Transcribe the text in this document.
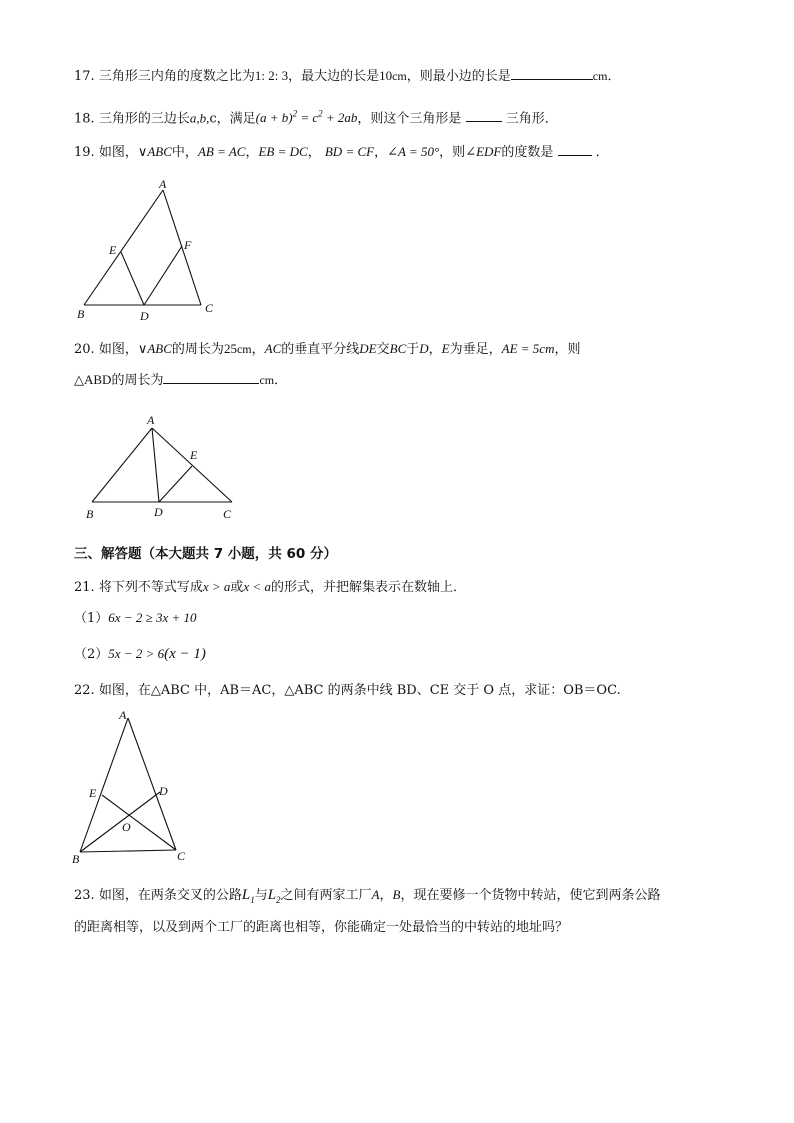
17. 三角形三内角的度数之比为1: 2: 3，最大边的长是10cm，则最小边的长是	cm．
18. 三角形的三边长a,b,c，满足$(a + b)^2 = c^2 + 2ab$，则这个三角形是	三角形．
19. 如图，∨ABC中，AB = AC，EB = DC， BD = CF，∠A = 50°，则∠EDF的度数是	．
A
B	C
D
E	F
20. 如图，∨ABC的周长为25cm，AC的垂直平分线DE交BC于D，E为垂足，AE = 5cm，则
△ABD的周长为	cm．
A
B	C
D
E
三、解答题（本大题共 7 小题，共 60 分）
21. 将下列不等式写成x > a或x < a的形式，并把解集表示在数轴上．
（1）6x − 2 ≥ 3x + 10
（2）5x − 2 > 6(x − 1)
22. 如图，在△ABC 中，AB＝AC，△ABC 的两条中线 BD、CE 交于 O 点，求证：OB＝OC.
A
B	C
D
E
O
23. 如图，在两条交叉的公路$L_1$与$L_2$之间有两家工厂A，B，现在要修一个货物中转站，使它到两条公路
的距离相等，以及到两个工厂的距离也相等，你能确定一处最恰当的中转站的地址吗？
